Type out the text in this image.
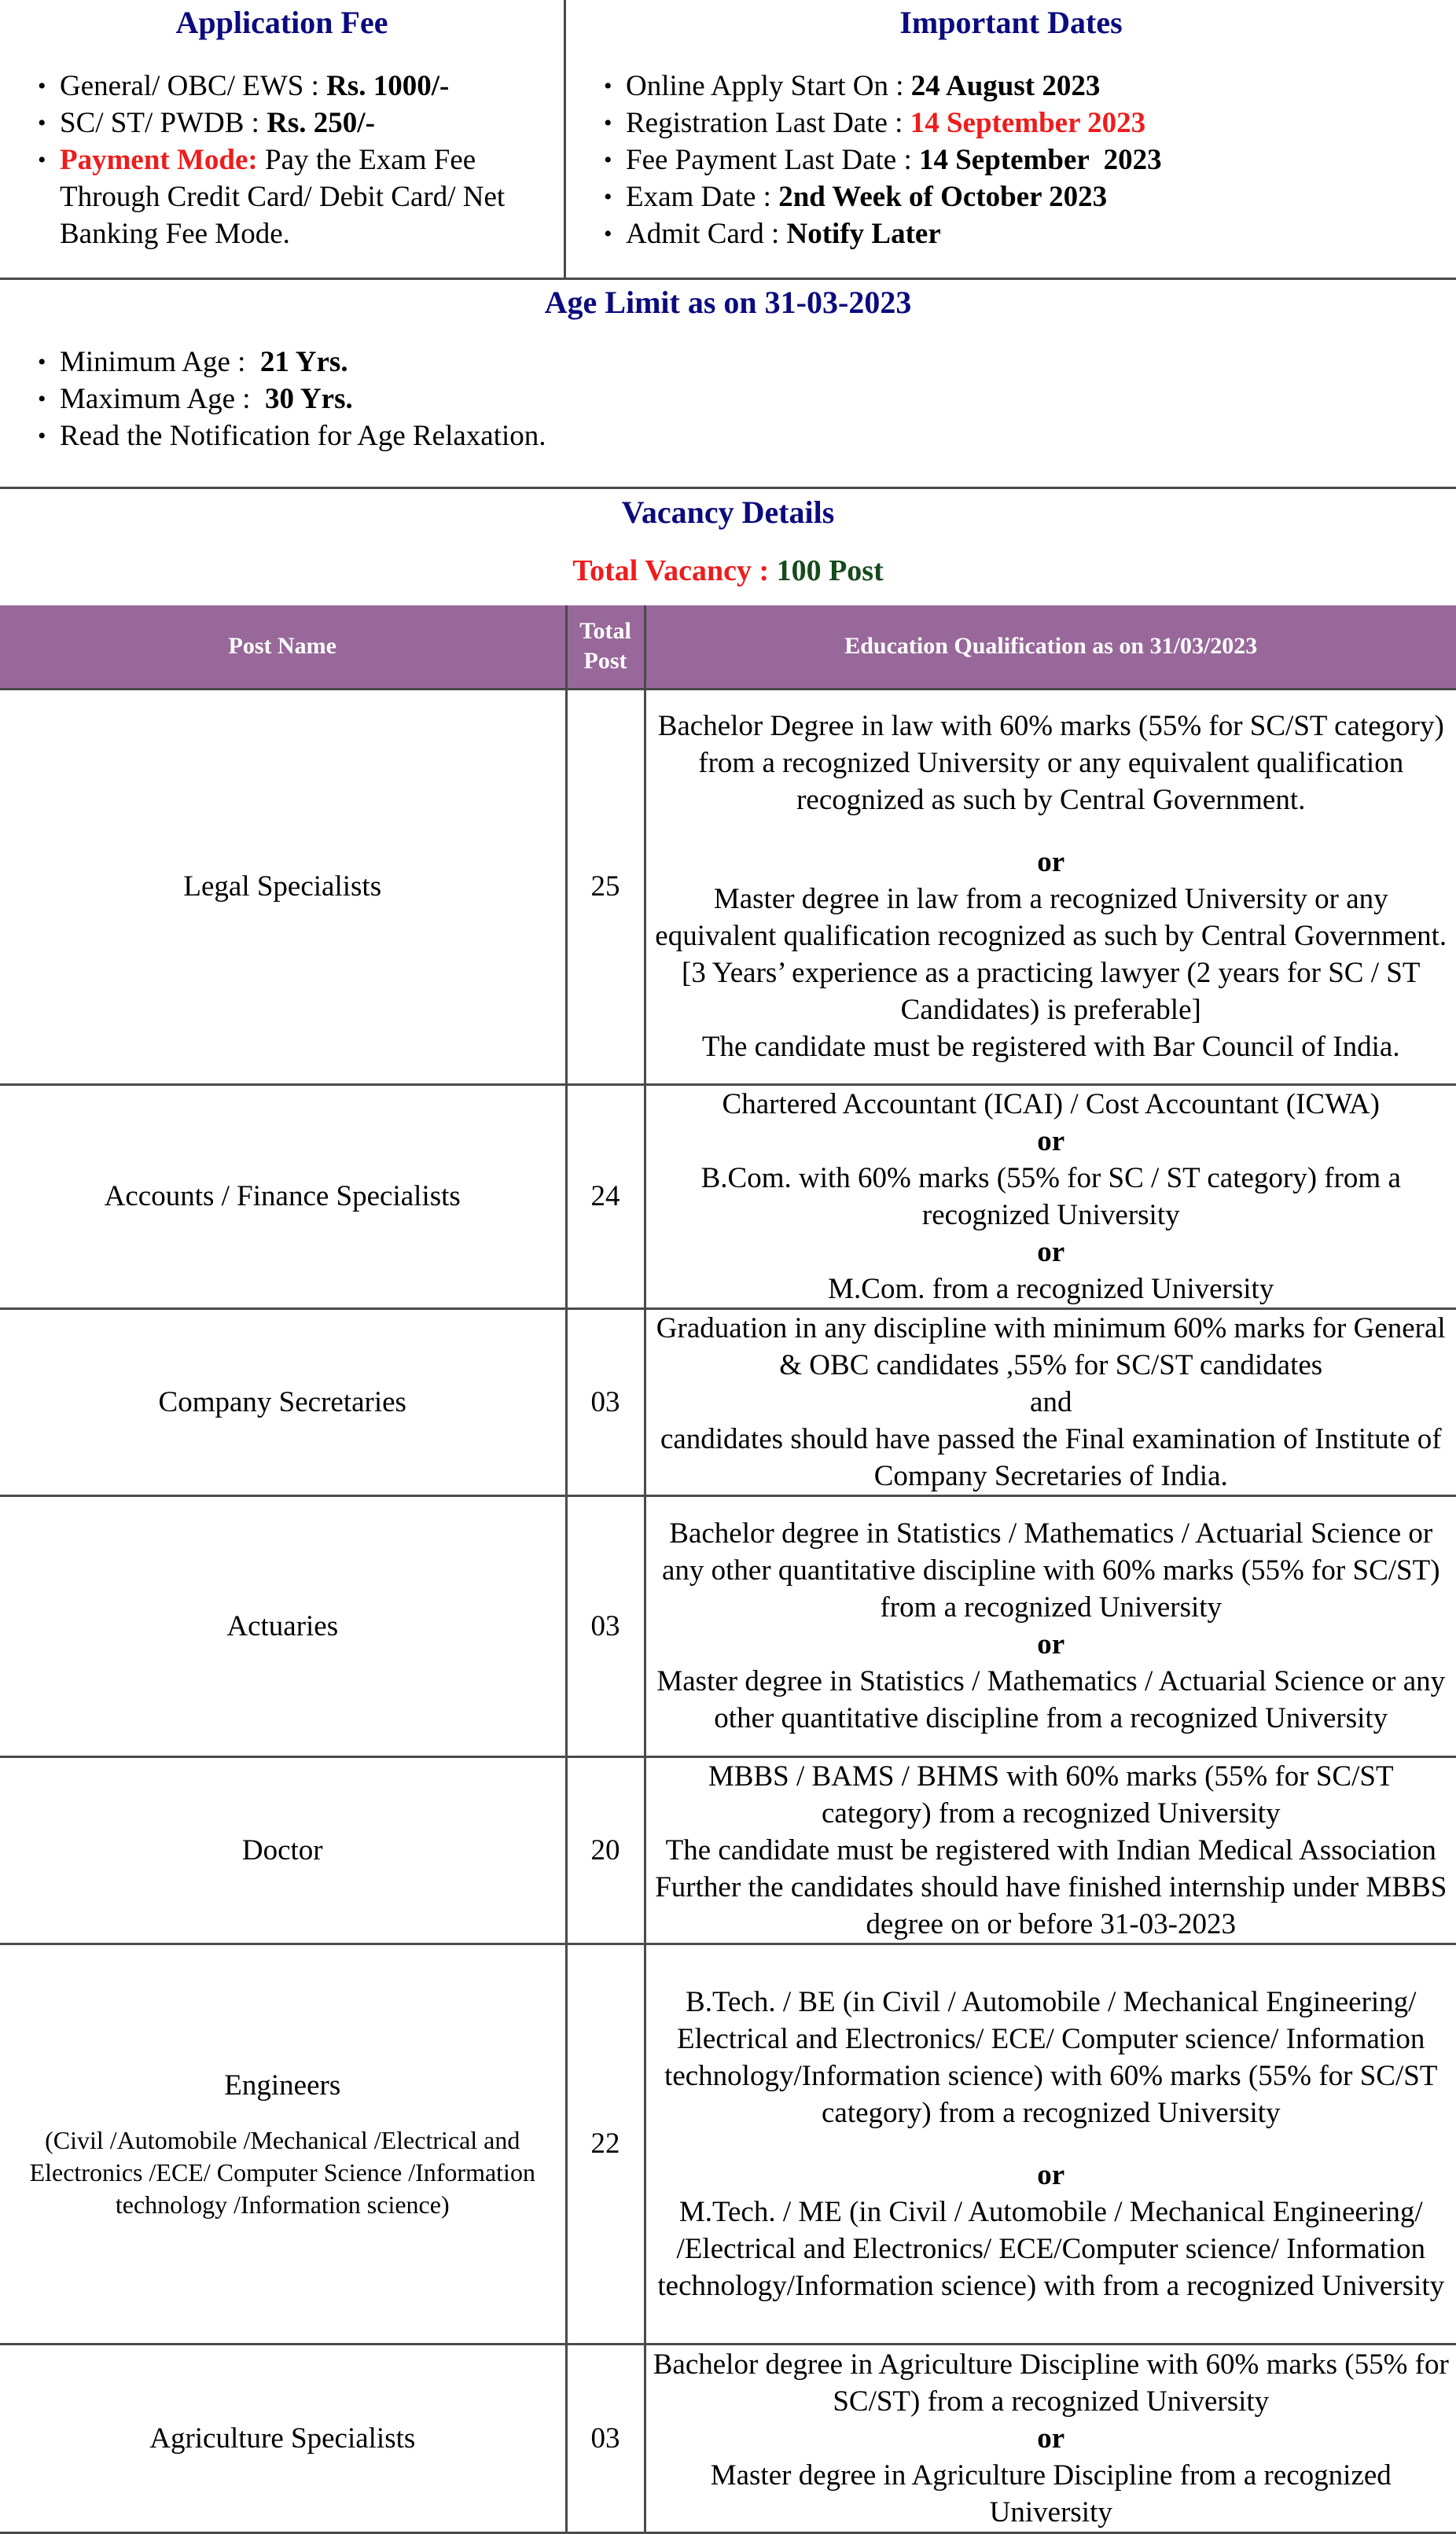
Application Fee
• General/ OBC/ EWS : Rs. 1000/-
• SC/ ST/ PWDB : Rs. 250/-
• Payment Mode: Pay the Exam Fee Through Credit Card/ Debit Card/ Net Banking Fee Mode.
Important Dates
• Online Apply Start On : 24 August 2023
• Registration Last Date : 14 September 2023
• Fee Payment Last Date : 14 September  2023
• Exam Date : 2nd Week of October 2023
• Admit Card : Notify Later
Age Limit as on 31-03-2023
• Minimum Age :  21 Yrs.
• Maximum Age :  30 Yrs.
• Read the Notification for Age Relaxation.
Vacancy Details
Total Vacancy : 100 Post
Post Name	Total Post	Education Qualification as on 31/03/2023
Legal Specialists	25	Bachelor Degree in law with 60% marks (55% for SC/ST category) from a recognized University or any equivalent qualification recognized as such by Central Government.
or
Master degree in law from a recognized University or any equivalent qualification recognized as such by Central Government.
[3 Years’ experience as a practicing lawyer (2 years for SC / ST Candidates) is preferable]
The candidate must be registered with Bar Council of India.

Accounts / Finance Specialists	24	Chartered Accountant (ICAI) / Cost Accountant (ICWA)
or
B.Com. with 60% marks (55% for SC / ST category) from a recognized University
or
M.Com. from a recognized University

Company Secretaries	03	Graduation in any discipline with minimum 60% marks for General & OBC candidates ,55% for SC/ST candidates
and
candidates should have passed the Final examination of Institute of Company Secretaries of India.

Actuaries	03	Bachelor degree in Statistics / Mathematics / Actuarial Science or any other quantitative discipline with 60% marks (55% for SC/ST) from a recognized University
or
Master degree in Statistics / Mathematics / Actuarial Science or any other quantitative discipline from a recognized University

Doctor	20	MBBS / BAMS / BHMS with 60% marks (55% for SC/ST category) from a recognized University
The candidate must be registered with Indian Medical Association Further the candidates should have finished internship under MBBS degree on or before 31-03-2023

Engineers
(Civil /Automobile /Mechanical /Electrical and Electronics /ECE/ Computer Science /Information technology /Information science)	22	B.Tech. / BE (in Civil / Automobile / Mechanical Engineering/ Electrical and Electronics/ ECE/ Computer science/ Information technology/Information science) with 60% marks (55% for SC/ST category) from a recognized University
or
M.Tech. / ME (in Civil / Automobile / Mechanical Engineering/ /Electrical and Electronics/ ECE/Computer science/ Information technology/Information science) with from a recognized University

Agriculture Specialists	03	Bachelor degree in Agriculture Discipline with 60% marks (55% for SC/ST) from a recognized University
or
Master degree in Agriculture Discipline from a recognized University
